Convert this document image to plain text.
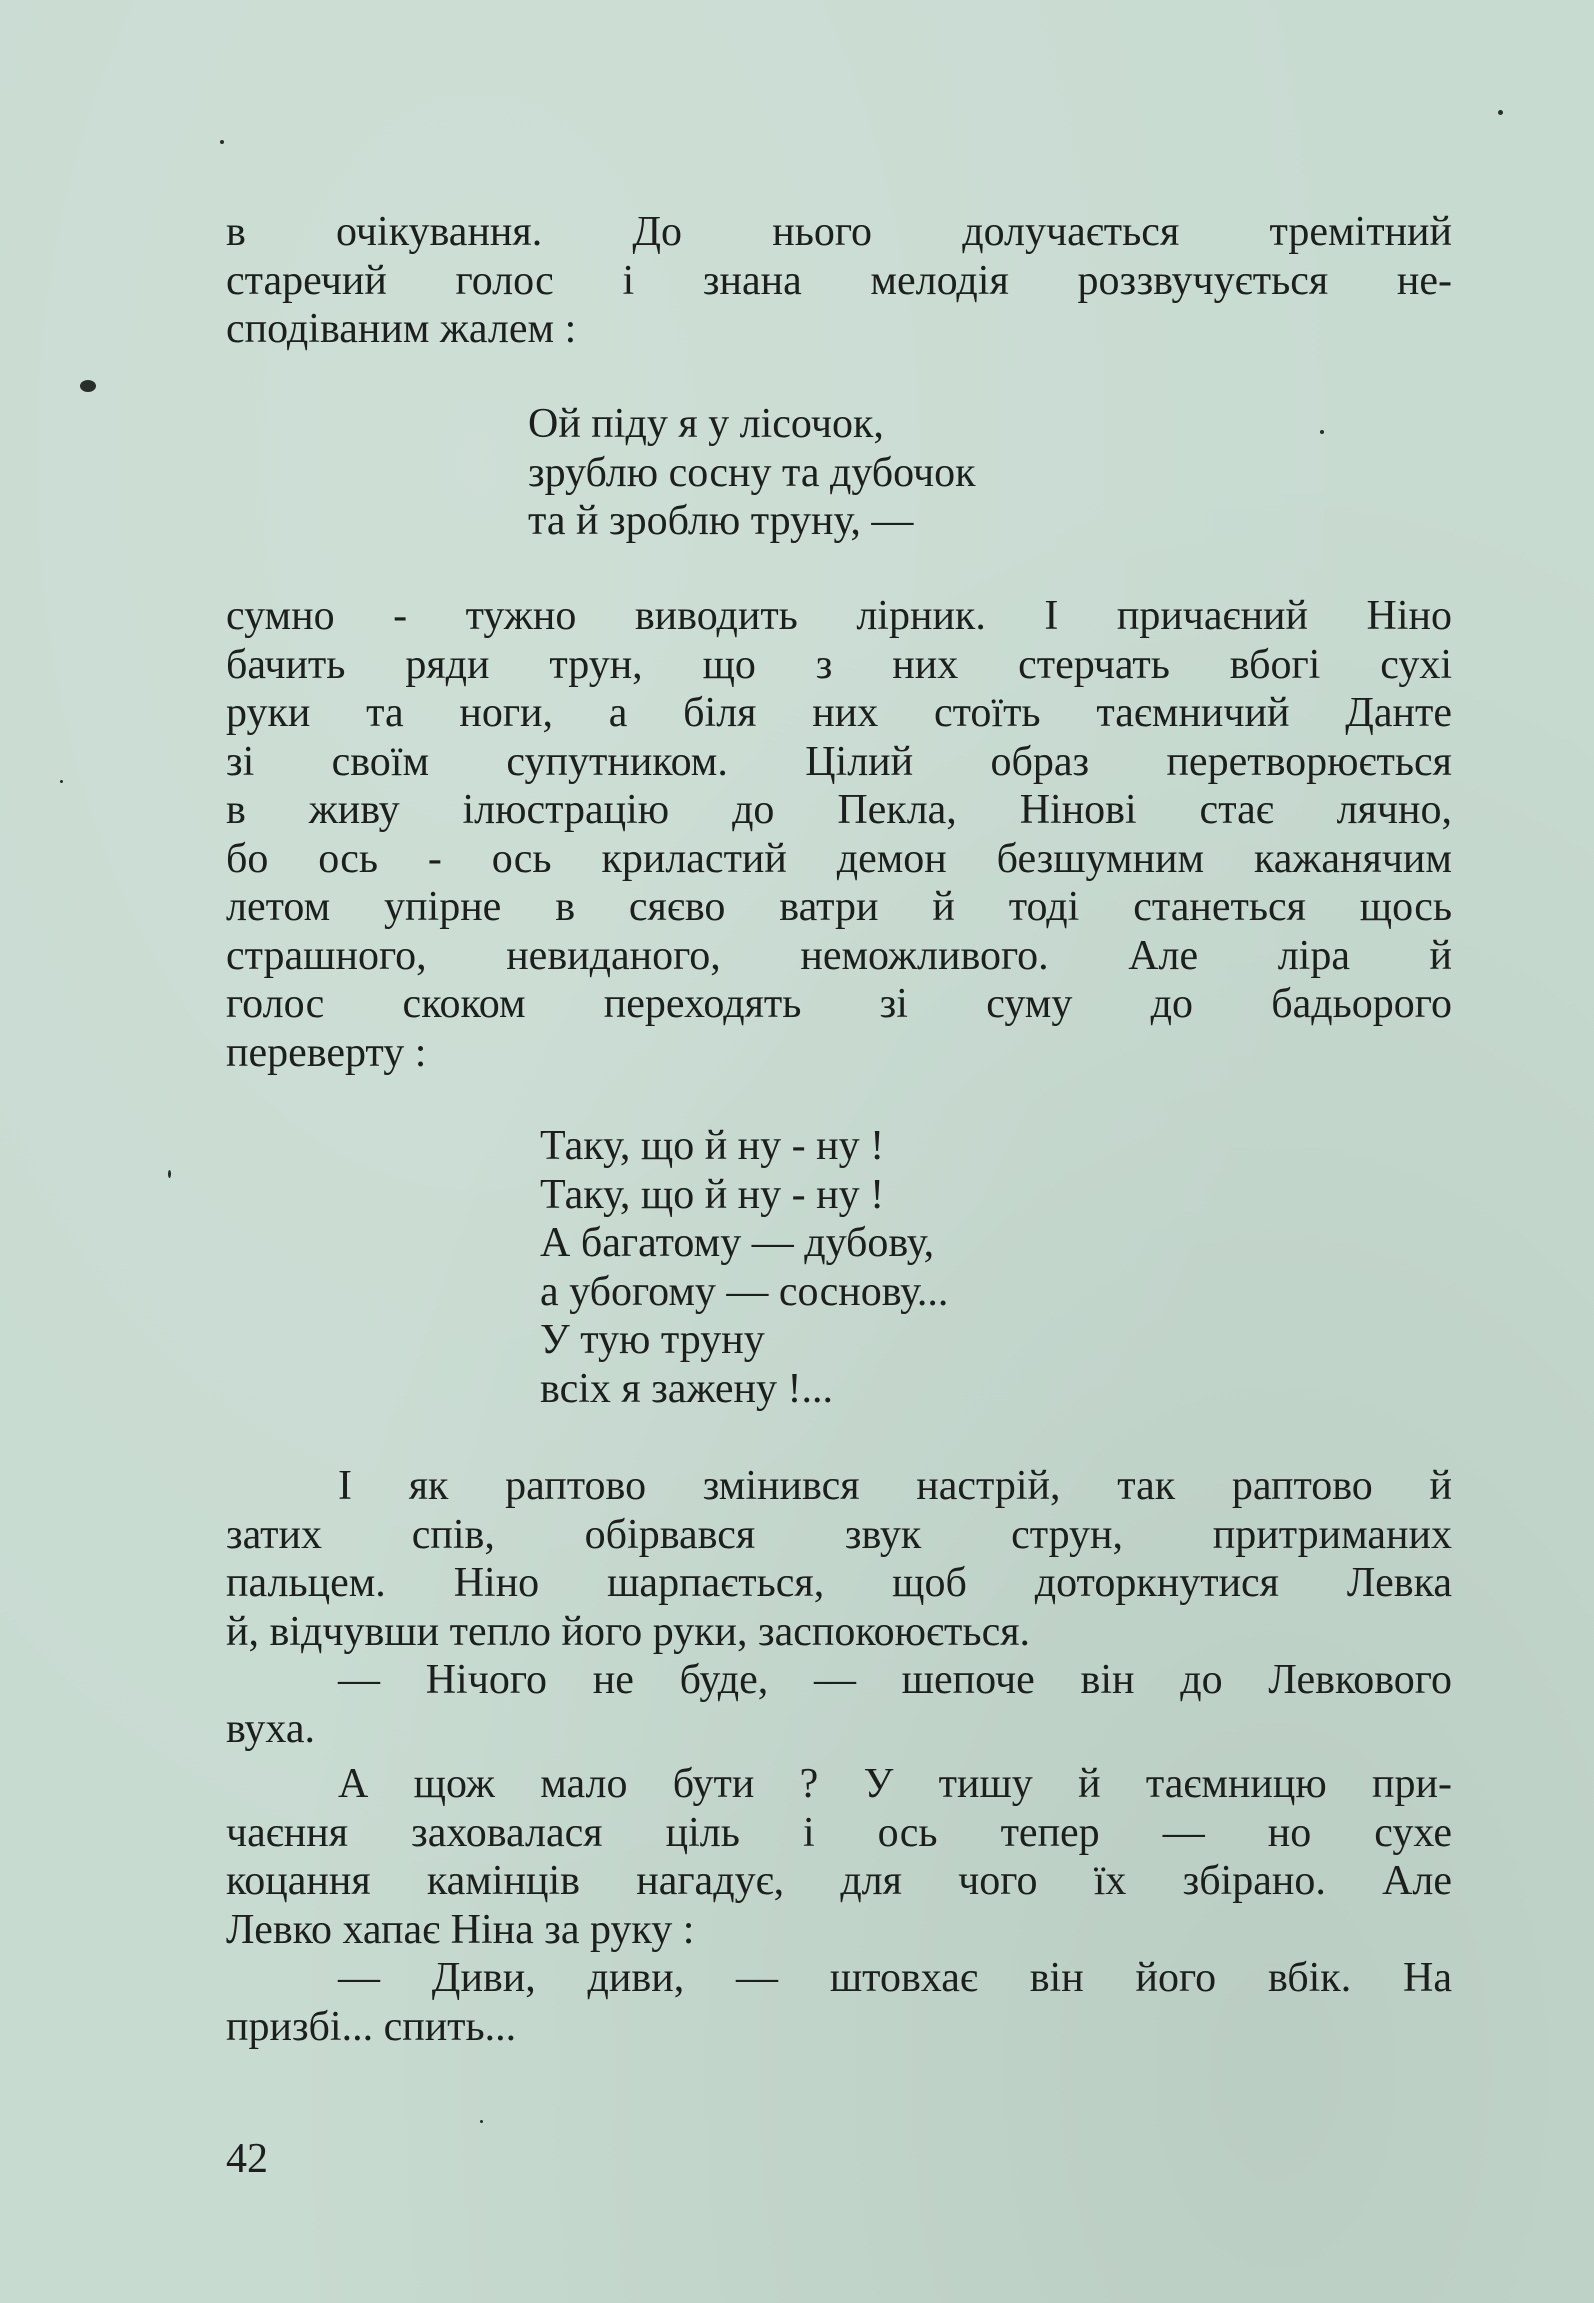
в очікування. До нього долучається тремітний
старечий голос і знана мелодія роззвучується не-
сподіваним жалем :
Ой піду я у лісочок,
зрублю сосну та дубочок
та й зроблю труну, —
сумно - тужно виводить лірник. І причаєний Ніно
бачить ряди трун, що з них стерчать вбогі сухі
руки та ноги, а біля них стоїть таємничий Данте
зі своїм супутником. Цілий образ перетворюється
в живу ілюстрацію до Пекла, Нінові стає лячно,
бо ось - ось криластий демон безшумним кажанячим
летом упірне в сяєво ватри й тоді станеться щось
страшного, невиданого, неможливого. Але ліра й
голос скоком переходять зі суму до бадьорого
переверту :
Таку, що й ну - ну !
Таку, що й ну - ну !
А багатому — дубову,
а убогому — соснову...
У тую труну
всіх я зажену !...
І як раптово змінився настрій, так раптово й
затих спів, обірвався звук струн, притриманих
пальцем. Ніно шарпається, щоб доторкнутися Левка
й, відчувши тепло його руки, заспокоюється.
— Нічого не буде, — шепоче він до Левкового
вуха.
А щож мало бути ? У тишу й таємницю при-
чаєння заховалася ціль і ось тепер — но сухе
коцання камінців нагадує, для чого їх збірано. Але
Левко хапає Ніна за руку :
— Диви, диви, — штовхає він його вбік. На
призбі... спить...
42
